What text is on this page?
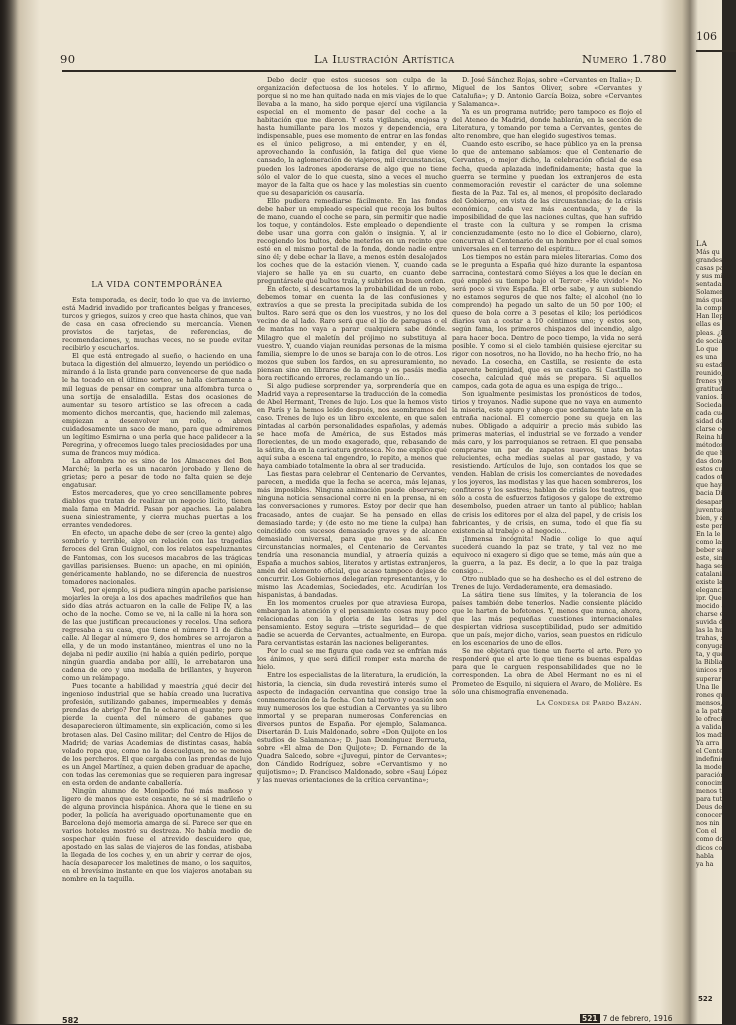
90	La Ilustración Artística	Numero 1.780
LA VIDA CONTEMPORÁNEA

Esta temporada, es decir, todo lo que va de invierno, está Madrid invadido por traficantes belgas y franceses, turcos y griegos, suizos y creo que hasta chinos, que van de casa en casa ofreciendo su mercancía. Vienen provistos de tarjetas, de referencias, de recomendaciones, y, muchas veces, no se puede evitar recibirlo y escucharlos.

El que está entregado al sueño, o haciendo en una butaca la digestión del almuerzo, leyendo un periódico o mirando á la lista grande para convencerse de que nada le ha tocado en el último sorteo, se halla ciertamente a mil leguas de pensar en comprar una alfombra turca o una sortija de ensaladilla. Estas dos ocasiones de aumentar su tesoro artístico se las ofrecen a cada momento dichos mercantis, que, haciendo mil zalemas, empiezan a desenvolver un rollo, o abren cuidadosamente un saco de mano, para que admiremos un legítimo Esmirna o una perla que hace palidecer a la Peregrina, y ofrecemos luego tales preciosidades por una suma de francos muy módica.

La alfombra no es sino de los Almacenes del Bon Marché; la perla es un nacarón jorobado y lleno de grietas; pero a pesar de todo no falta quien se deje engatusar.

Estos mercaderes, que yo creo sencillamente pobres diablos que tratan de realizar un negocio lícito, tienen mala fama en Madrid. Pasan por apaches. La palabra suena siniestramente, y cierra muchas puertas a los errantes vendedores.

En efecto, un apache debe de ser (creo la gente) algo sombrío y terrible, algo en relación con las tragedias feroces del Gran Guignol, con los relatos espeluznantes de Fantomas, con los sucesos macabros de las trágicas gavillas parisienses. Bueno: un apache, en mi opinión, genéricamente hablando, no se diferencia de nuestros tomadores nacionales.

Ved, por ejemplo, si pudiera ningún apache parisiense mojarles la oreja a los dos apaches madrileños que han sido días atrás actuaron en la calle de Felipe IV, a las ocho de la noche. Como se ve, ni la calle ni la hora son de las que justifican precauciones y recelos. Una señora regresaba a su casa, que tiene el número 11 de dicha calle. Al llegar al número 9, dos hombres se arrojaron a ella, y de un modo instantáneo, mientras el uno no la dejaba ni pedir auxilio (ni había a quién pedirlo, porque ningún guardia andaba por allí), le arrebataron una cadena de oro y una medalla de brillantes, y huyeron como un relámpago.

Pues tocante a habilidad y maestría ¿qué decir del ingenioso industrial que se había creado una lucrativa profesión, sutilizando gabanes, impermeables y demás prendas de abrigo? Por fin le echaron el guante; pero se pierde la cuenta del número de gabanes que desaparecieron últimamente, sin explicación, como si les brotasen alas. Del Casino militar; del Centro de Hijos de Madrid; de varias Academias de distintas casas, había volado ropa que, como no la descuelguen, no se menea de los percheros. El que cargaba con las prendas de lujo es un Angel Martínez, a quien deben graduar de apache, con todas las ceremonias que se requieren para ingresar en esta orden de andante caballería.

Ningún alumno de Monipodio fué más mañoso y ligero de manos que este cesante, ne sé si madrileño o de alguna provincia hispánica. Ahora que le tiene en su poder, la policía ha averiguado oportunamente que en Barcelona dejó memoria amarga de sí. Parece ser que en varios hoteles mostró su destreza. No había medio de sospechar quién fuese el atrevido descuidero que, apostado en las salas de viajeros de las fondas, atisbaba la llegada de los coches y, en un abrir y cerrar de ojos, hacía desaparecer los maletines de mano, o los saquitos, en el brevísimo instante en que los viajeros anotaban su nombre en la taquilla.

Debo decir que estos sucesos son culpa de la organización defectuosa de los hoteles. Y lo afirmo, porque si no me han quitado nada en mis viajes de lo que llevaba a la mano, ha sido porque ejercí una vigilancia especial en el momento de pasar del coche a la habitación que me dieron. Y esta vigilancia, enojosa y hasta humillante para los mozos y dependencia, era indispensable, pues ese momento de entrar en las fondas es el único peligroso, a mi entender, y en él, aprovechando la confusión, la fatiga del que viene cansado, la aglomeración de viajeros, mil circunstancias, pueden los ladrones apoderarse de algo que no tiene sólo el valor de lo que cuesta, sino a veces el mucho mayor de la falta que os hace y las molestias sin cuento que su desaparición os causaría.

Ello pudiera remediarse fácilmente. En las fondas debe haber un empleado especial que recoja los bultos de mano, cuando el coche se para, sin permitir que nadie los toque, y contándolos. Este empleado o dependiente debe usar una gorra con galón o insignia. Y, al ir recogiendo los bultos, debe meterlos en un recinto que esté en el mismo portal de la fonda, donde nadie entre sino él; y debe echar la llave, a menos estén desalojados los coches que de la estación vienen. Y, cuando cada viajero se halle ya en su cuarto, en cuanto debe preguntársele qué bultos traía, y subirlos en buen orden.

En efecto, si descartamos la probabilidad de un robo, debemos tomar en cuenta la de las confusiones y extravíos a que se presta la precipitada subida de los bultos. Raro será que os den los vuestros, y no los del vecino de al lado. Raro será que el lío de paraguas o el de mantas no vaya a parar cualquiera sabe dónde. Milagro que el maletín del prójimo no substituya al vuestro. Y, cuando viajan reunidas personas de la misma familia, siempre lo de unos se baraja con lo de otros. Los mozos que suben los fardos, en su apresuramiento, no piensan sino en librarse de la carga y os pasáis media hora rectificando errores, reclamando un lío...

Si algo pudiese sorprender ya, sorprendería que en Madrid vaya a representarse la traducción de la comedia de Abel Hermant, Trenes de lujo. Los que la hemos visto en París y la hemos leído después, nos asombramos del caso. Trenes de lujo es un libro excelente, en que salen pintadas al carbón personalidades españolas, y además se hace mofa de América, de sus Estados más florecientes, de un modo exagerado, que, rebasando de la sátira, da en la caricatura grotesca. No me explico qué aquí suba a escena tal engendro, lo repito, a menos que haya cambiado totalmente la obra al ser traducida.

Las fiestas para celebrar el Centenario de Cervantes, parecen, a medida que la fecha se acerca, más lejanas, más imposibles. Ninguna animación puede observarse; ninguna noticia sensacional corre ni en la prensa, ni en las conversaciones y rumores. Estoy por decir que han fracasado, antes de cuajar. Se ha pensado en ellas demasiado tarde; y (de esto no me tiene la culpa) han coincidido con sucesos demasiado graves y de alcance demasiado universal, para que no sea así. En circunstancias normales, el Centenario de Cervantes tendría una resonancia mundial, y atraería quizás a España a muchos sabios, literatos y artistas extranjeros, amén del elemento oficial, que acaso tampoco dejase de concurrir. Los Gobiernos delegarían representantes, y lo mismo las Academias, Sociedades, etc. Acudirían los hispanistas, á bandadas.

En los momentos crueles por que atraviesa Europa, embargan la atención y el pensamiento cosas muy poco relacionadas con la gloria de las letras y del pensamiento. Estoy segura —triste seguridad— de que nadie se acuerda de Cervantes, actualmente, en Europa. Para cervantistas estarán las naciones beligerantes.

Por lo cual se me figura que cada vez se enfrían más los ánimos, y que será difícil romper esta marcha de hielo.

Entre los especialistas de la literatura, la erudición, la historia, la ciencia, sin duda revestirá interés sumo el aspecto de indagación cervantina que consigo trae la conmemoración de la fecha. Con tal motivo y ocasión son muy numerosos los que estudian a Cervantes ya su libro inmortal y se preparan numerosas Conferencias en diversos puntos de España. Por ejemplo, Salamanca. Disertarán D. Luis Maldonado, sobre «Don Quijote en los estudios de Salamanca»; D. Juan Domínguez Berrueta, sobre «El alma de Don Quijote»; D. Fernando de la Quadra Salcedo, sobre «¡Juvegui, pintor de Cervantes»; don Cándido Rodríguez, sobre «Cervantismo y no quijotismo»; D. Francisco Maldonado, sobre «Sauj López y las nuevas orientaciones de la crítica cervantina»;

D. José Sánchez Rojas, sobre «Cervantes en Italia»; D. Miguel de los Santos Oliver, sobre «Cervantes y Cataluña»; y D. Antonio García Boiza, sobre «Cervantes y Salamanca».

Ya es un programa nutrido; pero tampoco es flojo el del Ateneo de Madrid, donde hablarán, en la sección de Literatura, y tomando por tema a Cervantes, gentes de alto renombre, que han elegido sugestivos temas.

Cuando esto escribo, se hace público ya en la prensa lo que de antemano sabíamos: que el Centenario de Cervantes, o mejor dicho, la celebración oficial de esa fecha, queda aplazada indefinidamente; hasta que la guerra se termine y puedan los extranjeros de esta conmemoración revestir el carácter de una solemne fiesta de la Paz. Tal es, al menos, el propósito declarado del Gobierno, en vista de las circunstancias; de la crisis económica, cada vez más acentuada, y de la imposibilidad de que las naciones cultas, que han sufrido el traste con la cultura y se rompen la crisma concienzudamente (esto no lo dice el Gobierno, claro), concurran al Centenario de un hombre por el cual somos universales en el terreno del espíritu...

Los tiempos no están para mieles literarias. Como dos se le pregunta a España qué hizo durante la espantosa sarracina, contestará como Siéyes a los que le decían en qué empleó su tiempo bajo el Terror: «He vivido!» No será poco si vive España. El orbe sabe, y aun subiendo no estamos seguros de que nos falte; el alcohol (no lo comprendo) ha pegado un salto de un 50 por 100; el queso de bola corre a 3 pesetas el kilo; los periódicos diarios van a costar a 10 céntimos uno; y estos son, según fama, los primeros chispazos del incendio, algo para hacer boca. Dentro de poco tiempo, la vida no será posible. Y como si el cielo también quisiese ejercitar su rigor con nosotros, no ha llovido, no ha hecho frío, no ha nevado. La cosecha, en Castilla, se resiente de esta aparente benignidad, que es un castigo. Si Castilla no cosecha, calculad qué más se prepara. Si aquellos campos, cada gota de agua es una espiga de trigo...

Son igualmente pesimistas los pronósticos de todos, tirios y troyanos. Nadie supone que no vaya en aumento la miseria, este apuro y ahogo que sordamente late en la entraña nacional. El comercio pone su queja en las nubes. Obligado a adquirir a precio más subido las primeras materias, el industrial se ve forzado a vender más caro, y los parroquianos se retraen. El que pensaba comprarse un par de zapatos nuevos, unas botas relucientes, echa medias suelas al par gastado, y va resistiendo. Artículos de lujo, son contados los que se venden. Hablan de crisis los comerciantes de novedades y los joyeros, las modistas y las que hacen sombreros, los confiteros y los sastres; hablan de crisis los teatros, que sólo a costa de esfuerzos fatigosos y galope de extremo desembolso, pueden atraer un tanto al público; hablan de crisis los editores por el alza del papel, y de crisis los fabricantes, y de crisis, en suma, todo el que fía su existencia al trabajo o al negocio...

¡Inmensa incógnita! Nadie colige lo que aquí sucederá cuando la paz se trate, y tal vez no me equivoco ni exagero si digo que se teme, más aún que a la guerra, a la paz. Es decir, a lo que la paz traiga consigo...

Otro nublado que se ha deshecho es el del estreno de Trenes de lujo. Verdaderamente, era demasiado.

La sátira tiene sus límites, y la tolerancia de los países también debe tenerlos. Nadie consiente plácido que le harten de bofetones. Y, menos que nunca, ahora, que las más pequeñas cuestiones internacionales despiertan vidriosa susceptibilidad, pudo ser admitido que un país, mejor dicho, varios, sean puestos en ridículo en los escenarios de uno de ellos.

Se me objetará que tiene un fuerte el arte. Pero yo responderé que el arte lo que tiene es buenas espaldas para que le carguen responsabilidades que no le corresponden. La obra de Abel Hermant no es ni el Prometeo de Esquilo, ni siquiera el Avaro, de Molière. Es sólo una chismografía envenenada.

La Condesa de Pardo Bazán.
582	521 7 de febrero, 1916
106
LA
Más qu
grandes ho
casas parti
y sus minis
sentadas.
Solamen
más que de
la compr
Han llep
ellas es qu
pleas. ¿Es
de social?
Lo que
es una
su estado
reunido, u
frenes y e
gratitud, e
vanios. Hé
Sociedades
cada cual
sidad de v
clarse con
Reina hi
métodos
de que hay
das donde
estos cuar
cados otr
que hayan
bacia Dio
desaparece
juventud,
bien, y ale
este perio
En la le
como las l
beber su s
este, sin a
haga sesan
catalanismo
existe la s
elegancia
ipr. Que s
mocido a
charse en
suvida de d
las la hu
trahas, su
conyugal,
ta, y que
la Biblia,
únicos rea
superar a
Una lle
rones que
mensos, y
a la patria
le ofreció
a valida d
los madri
Ya arra
el Centen
indefinido
la moderna
paración,
conocimi
menos t
para tuto
Deus de
conocer
nos nin
Con el
como do
dicos co
habla
ya ha
522
